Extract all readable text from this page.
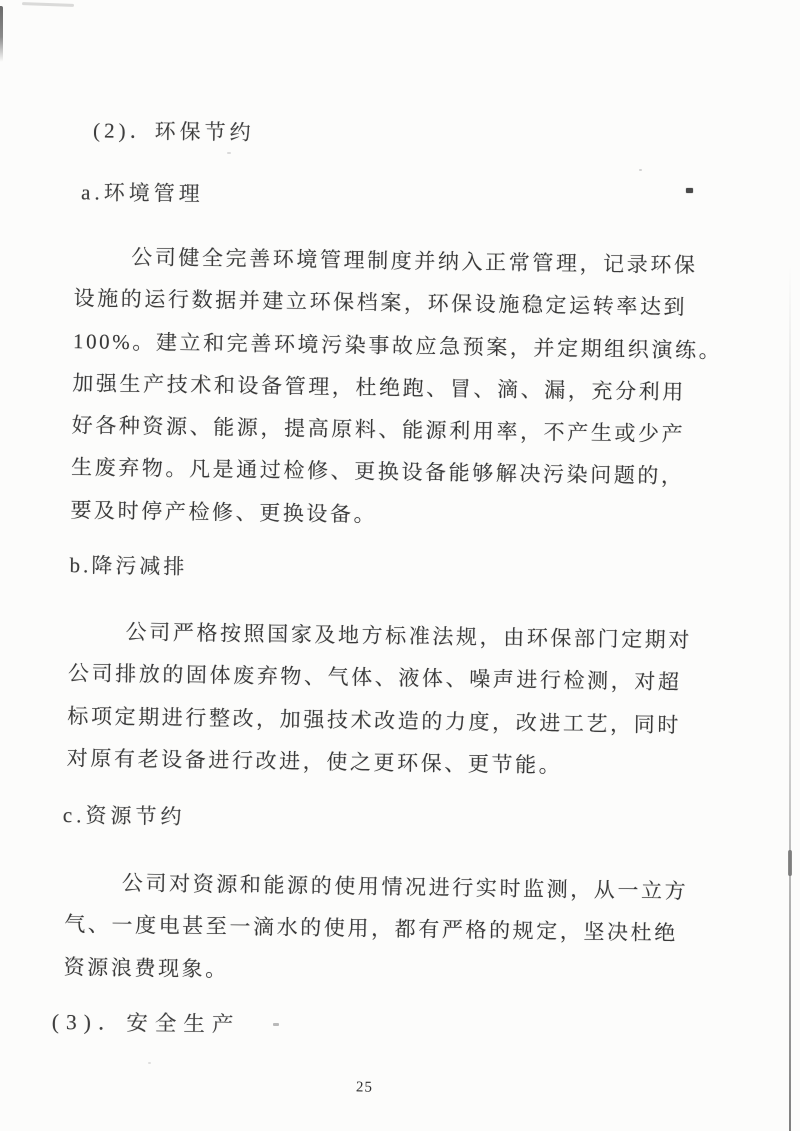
(2)．环保节约
a.环境管理
公司健全完善环境管理制度并纳入正常管理，记录环保
设施的运行数据并建立环保档案，环保设施稳定运转率达到
100%。建立和完善环境污染事故应急预案，并定期组织演练。
加强生产技术和设备管理，杜绝跑、冒、滴、漏，充分利用
好各种资源、能源，提高原料、能源利用率，不产生或少产
生废弃物。凡是通过检修、更换设备能够解决污染问题的，
要及时停产检修、更换设备。
b.降污减排
公司严格按照国家及地方标准法规，由环保部门定期对
公司排放的固体废弃物、气体、液体、噪声进行检测，对超
标项定期进行整改，加强技术改造的力度，改进工艺，同时
对原有老设备进行改进，使之更环保、更节能。
c.资源节约
公司对资源和能源的使用情况进行实时监测，从一立方
气、一度电甚至一滴水的使用，都有严格的规定，坚决杜绝
资源浪费现象。
(3)．安全生产
25
